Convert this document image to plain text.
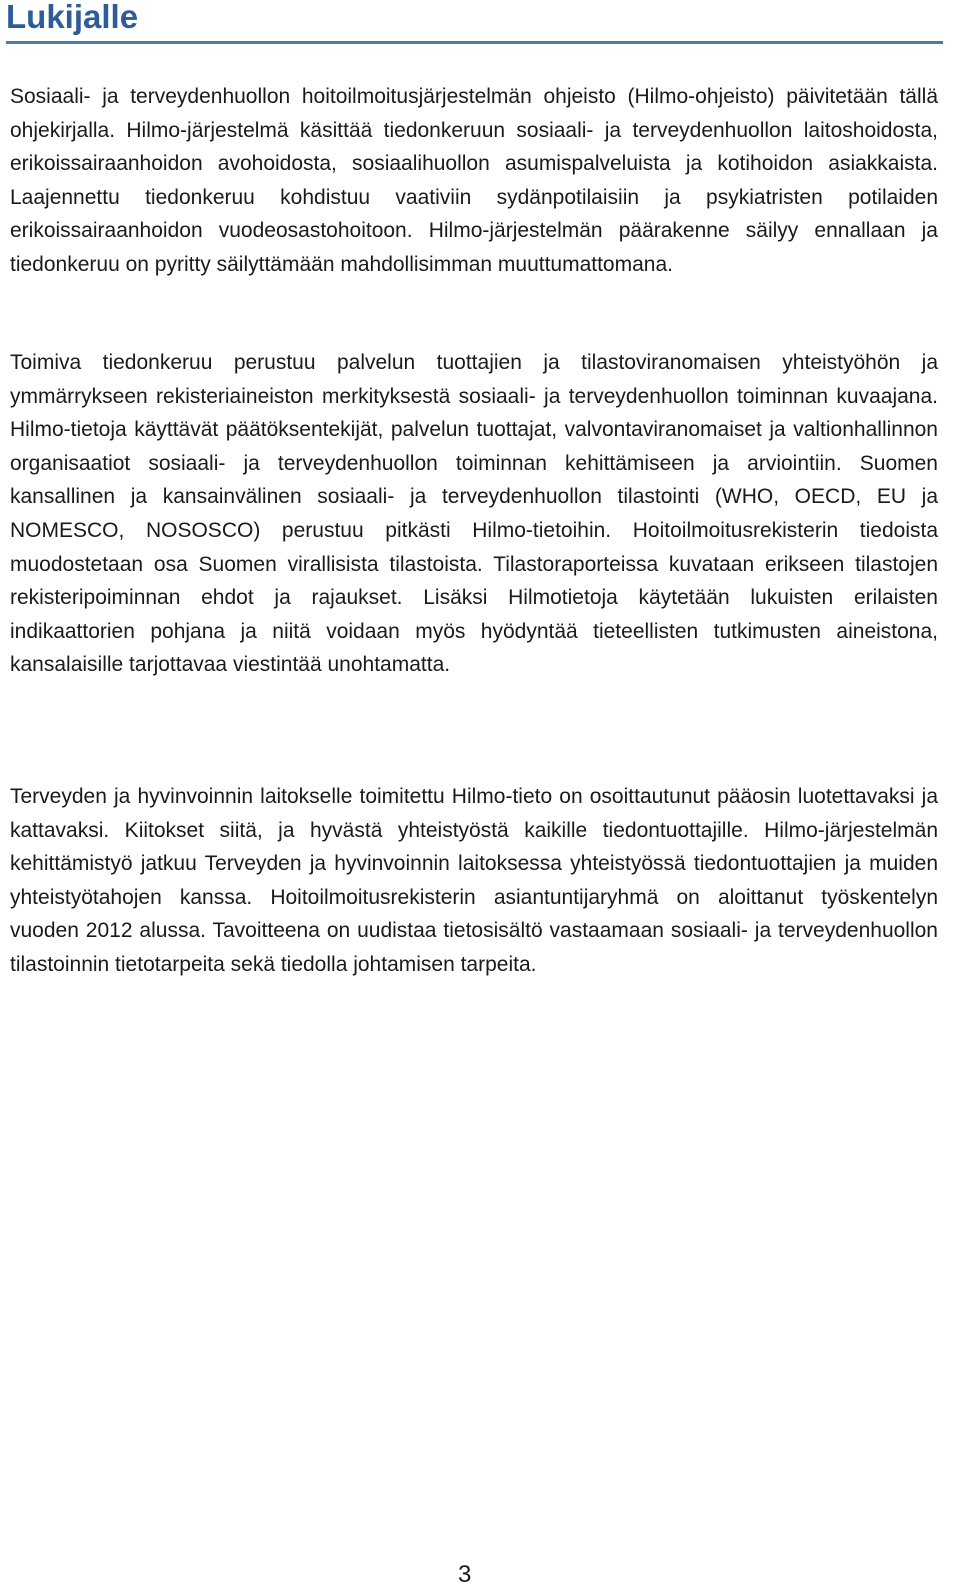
Lukijalle

Sosiaali- ja terveydenhuollon hoitoilmoitusjärjestelmän ohjeisto (Hilmo-ohjeisto) päivitetään tällä ohjekirjalla. Hilmo-järjestelmä käsittää tiedonkeruun sosiaali- ja terveydenhuollon laitoshoidosta, erikoissairaanhoidon avohoidosta, sosiaalihuollon asumispalveluista ja kotihoidon asiakkaista. Laajennettu tiedonkeruu kohdistuu vaativiin sydänpotilaisiin ja psykiatristen potilaiden erikoissairaanhoidon vuodeosastohoitoon. Hilmo-järjestelmän päärakenne säilyy ennallaan ja tiedonkeruu on pyritty säilyttämään mahdollisimman muuttumattomana.

Toimiva tiedonkeruu perustuu palvelun tuottajien ja tilastoviranomaisen yhteistyöhön ja ymmärrykseen rekisteriaineiston merkityksestä sosiaali- ja terveydenhuollon toiminnan kuvaajana. Hilmo-tietoja käyttävät päätöksentekijät, palvelun tuottajat, valvontaviranomaiset ja valtionhallinnon organisaatiot sosiaali- ja terveydenhuollon toiminnan kehittämiseen ja arviointiin. Suomen kansallinen ja kansainvälinen sosiaali- ja terveydenhuollon tilastointi (WHO, OECD, EU ja NOMESCO, NOSOSCO) perustuu pitkästi Hilmo-tietoihin. Hoitoilmoitusrekisterin tiedoista muodostetaan osa Suomen virallisista tilastoista. Tilastoraporteissa kuvataan erikseen tilastojen rekisteripoiminnan ehdot ja rajaukset. Lisäksi Hilmotietoja käytetään lukuisten erilaisten indikaattorien pohjana ja niitä voidaan myös hyödyntää tieteellisten tutkimusten aineistona, kansalaisille tarjottavaa viestintää unohtamatta.

Terveyden ja hyvinvoinnin laitokselle toimitettu Hilmo-tieto on osoittautunut pääosin luotettavaksi ja kattavaksi. Kiitokset siitä, ja hyvästä yhteistyöstä kaikille tiedontuottajille. Hilmo-järjestelmän kehittämistyö jatkuu Terveyden ja hyvinvoinnin laitoksessa yhteistyössä tiedontuottajien ja muiden yhteistyötahojen kanssa. Hoitoilmoitusrekisterin asiantuntijaryhmä on aloittanut työskentelyn vuoden 2012 alussa. Tavoitteena on uudistaa tietosisältö vastaamaan sosiaali- ja terveydenhuollon tilastoinnin tietotarpeita sekä tiedolla johtamisen tarpeita.

3
